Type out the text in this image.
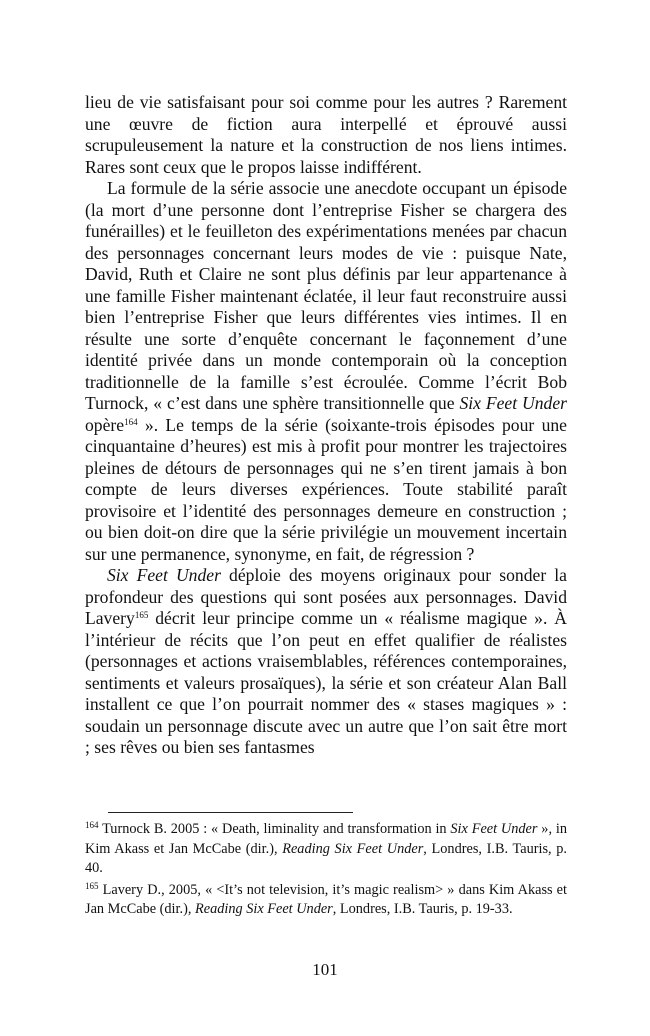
lieu de vie satisfaisant pour soi comme pour les autres ? Rarement une œuvre de fiction aura interpellé et éprouvé aussi scrupuleusement la nature et la construction de nos liens intimes. Rares sont ceux que le propos laisse indifférent.

La formule de la série associe une anecdote occupant un épisode (la mort d’une personne dont l’entreprise Fisher se chargera des funérailles) et le feuilleton des expérimentations menées par chacun des personnages concernant leurs modes de vie : puisque Nate, David, Ruth et Claire ne sont plus définis par leur appartenance à une famille Fisher maintenant éclatée, il leur faut reconstruire aussi bien l’entreprise Fisher que leurs différentes vies intimes. Il en résulte une sorte d’enquête concernant le façonnement d’une identité privée dans un monde contemporain où la conception traditionnelle de la famille s’est écroulée. Comme l’écrit Bob Turnock, « c’est dans une sphère transitionnelle que Six Feet Under opère$^{164}$ ». Le temps de la série (soixante-trois épisodes pour une cinquantaine d’heures) est mis à profit pour montrer les trajectoires pleines de détours de personnages qui ne s’en tirent jamais à bon compte de leurs diverses expériences. Toute stabilité paraît provisoire et l’identité des personnages demeure en construction ; ou bien doit-on dire que la série privilégie un mouvement incertain sur une permanence, synonyme, en fait, de régression ?

Six Feet Under déploie des moyens originaux pour sonder la profondeur des questions qui sont posées aux personnages. David Lavery$^{165}$ décrit leur principe comme un « réalisme magique ». À l’intérieur de récits que l’on peut en effet qualifier de réalistes (personnages et actions vraisemblables, références contemporaines, sentiments et valeurs prosaïques), la série et son créateur Alan Ball installent ce que l’on pourrait nommer des « stases magiques » : soudain un personnage discute avec un autre que l’on sait être mort ; ses rêves ou bien ses fantasmes

$^{164}$ Turnock B. 2005 : « Death, liminality and transformation in Six Feet Under », in Kim Akass et Jan McCabe (dir.), Reading Six Feet Under, Londres, I.B. Tauris, p. 40.

$^{165}$ Lavery D., 2005, « <It’s not television, it’s magic realism> » dans Kim Akass et Jan McCabe (dir.), Reading Six Feet Under, Londres, I.B. Tauris, p. 19-33.

101
